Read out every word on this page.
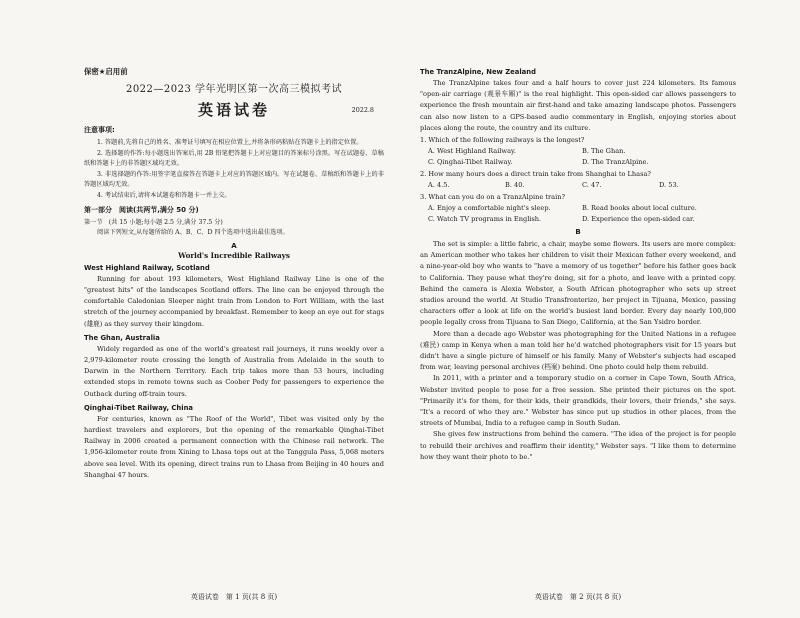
保密★启用前

2022—2023 学年光明区第一次高三模拟考试

英语试卷	2022.8

注意事项:

1. 答题前,先将自己的姓名、准考证号填写在相应位置上,并将条形码粘贴在答题卡上的指定位置。

2. 选择题的作答:每小题选出答案后,用 2B 铅笔把答题卡上对应题目的答案标号涂黑。写在试题卷、草稿纸和答题卡上的非答题区域均无效。

3. 非选择题的作答:用签字笔直接答在答题卡上对应的答题区域内。写在试题卷、草稿纸和答题卡上的非答题区域均无效。

4. 考试结束后,请将本试题卷和答题卡一并上交。

第一部分　阅读(共两节,满分 50 分)

第一节　(共 15 小题;每小题 2.5 分,满分 37.5 分)

阅读下列短文,从每题所给的 A、B、C、D 四个选项中选出最佳选项。

A

World's Incredible Railways

West Highland Railway, Scotland

Running for about 193 kilometers, West Highland Railway Line is one of the "greatest hits" of the landscapes Scotland offers. The line can be enjoyed through the comfortable Caledonian Sleeper night train from London to Fort William, with the last stretch of the journey accompanied by breakfast. Remember to keep an eye out for stags (雄鹿) as they survey their kingdom.

The Ghan, Australia

Widely regarded as one of the world's greatest rail journeys, it runs weekly over a 2,979-kilometer route crossing the length of Australia from Adelaide in the south to Darwin in the Northern Territory. Each trip takes more than 53 hours, including extended stops in remote towns such as Coober Pedy for passengers to experience the Outback during off-train tours.

Qinghai-Tibet Railway, China

For centuries, known as "The Roof of the World", Tibet was visited only by the hardiest travelers and explorers, but the opening of the remarkable Qinghai-Tibet Railway in 2006 created a permanent connection with the Chinese rail network. The 1,956-kilometer route from Xining to Lhasa tops out at the Tanggula Pass, 5,068 meters above sea level. With its opening, direct trains run to Lhasa from Beijing in 40 hours and Shanghai 47 hours.

英语试卷　第 1 页(共 8 页)

The TranzAlpine, New Zealand

The TranzAlpine takes four and a half hours to cover just 224 kilometers. Its famous "open-air carriage (观景车厢)" is the real highlight. This open-sided car allows passengers to experience the fresh mountain air first-hand and take amazing landscape photos. Passengers can also now listen to a GPS-based audio commentary in English, enjoying stories about places along the route, the country and its culture.

1. Which of the following railways is the longest?

A. West Highland Railway.	B. The Ghan.
C. Qinghai-Tibet Railway.	D. The TranzAlpine.

2. How many hours does a direct train take from Shanghai to Lhasa?

A. 4.5.	B. 40.	C. 47.	D. 53.

3. What can you do on a TranzAlpine train?

A. Enjoy a comfortable night's sleep.	B. Read books about local culture.
C. Watch TV programs in English.	D. Experience the open-sided car.

B

The set is simple: a little fabric, a chair, maybe some flowers. Its users are more complex: an American mother who takes her children to visit their Mexican father every weekend, and a nine-year-old boy who wants to "have a memory of us together" before his father goes back to California. They pause what they're doing, sit for a photo, and leave with a printed copy. Behind the camera is Alexia Webster, a South African photographer who sets up street studios around the world. At Studio Transfronterizo, her project in Tijuana, Mexico, passing characters offer a look at life on the world's busiest land border. Every day nearly 100,000 people legally cross from Tijuana to San Diego, California, at the San Ysidro border.

More than a decade ago Webster was photographing for the United Nations in a refugee (难民) camp in Kenya when a man told her he'd watched photographers visit for 15 years but didn't have a single picture of himself or his family. Many of Webster's subjects had escaped from war, leaving personal archives (档案) behind. One photo could help them rebuild.

In 2011, with a printer and a temporary studio on a corner in Cape Town, South Africa, Webster invited people to pose for a free session. She printed their pictures on the spot. "Primarily it's for them, for their kids, their grandkids, their lovers, their friends," she says. "It's a record of who they are." Webster has since put up studios in other places, from the streets of Mumbai, India to a refugee camp in South Sudan.

She gives few instructions from behind the camera. "The idea of the project is for people to rebuild their archives and reaffirm their identity," Webster says. "I like them to determine how they want their photo to be."

英语试卷　第 2 页(共 8 页)
